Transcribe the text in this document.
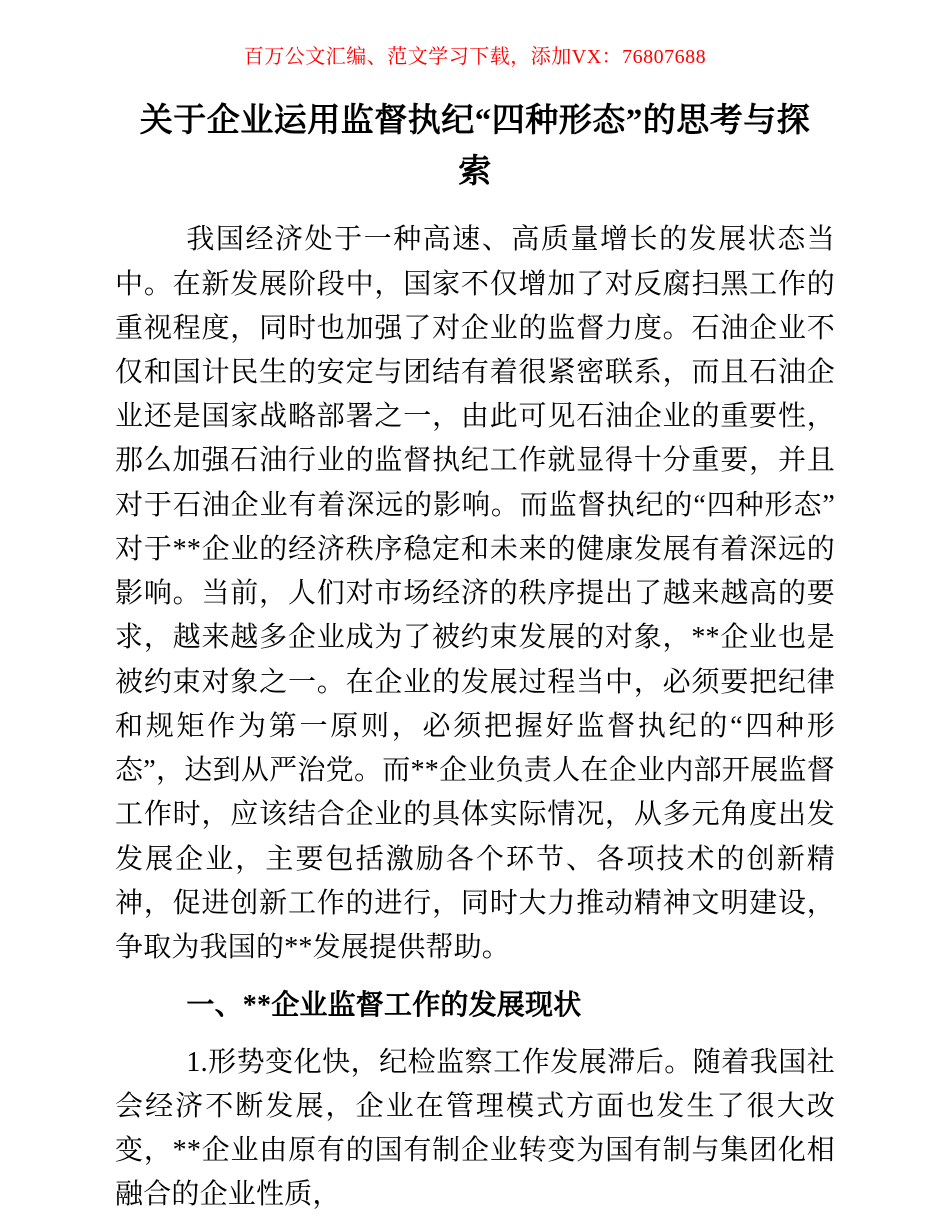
百万公文汇编、范文学习下载，添加VX：76807688
关于企业运用监督执纪“四种形态”的思考与探索

我国经济处于一种高速、高质量增长的发展状态当中。在新发展阶段中，国家不仅增加了对反腐扫黑工作的重视程度，同时也加强了对企业的监督力度。石油企业不仅和国计民生的安定与团结有着很紧密联系，而且石油企业还是国家战略部署之一，由此可见石油企业的重要性，那么加强石油行业的监督执纪工作就显得十分重要，并且对于石油企业有着深远的影响。而监督执纪的“四种形态”对于**企业的经济秩序稳定和未来的健康发展有着深远的影响。当前，人们对市场经济的秩序提出了越来越高的要求，越来越多企业成为了被约束发展的对象，**企业也是被约束对象之一。在企业的发展过程当中，必须要把纪律和规矩作为第一原则，必须把握好监督执纪的“四种形态”，达到从严治党。而**企业负责人在企业内部开展监督工作时，应该结合企业的具体实际情况，从多元角度出发发展企业，主要包括激励各个环节、各项技术的创新精神，促进创新工作的进行，同时大力推动精神文明建设，争取为我国的**发展提供帮助。

一、**企业监督工作的发展现状

1.形势变化快，纪检监察工作发展滞后。随着我国社会经济不断发展，企业在管理模式方面也发生了很大改变，**企业由原有的国有制企业转变为国有制与集团化相融合的企业性质，
